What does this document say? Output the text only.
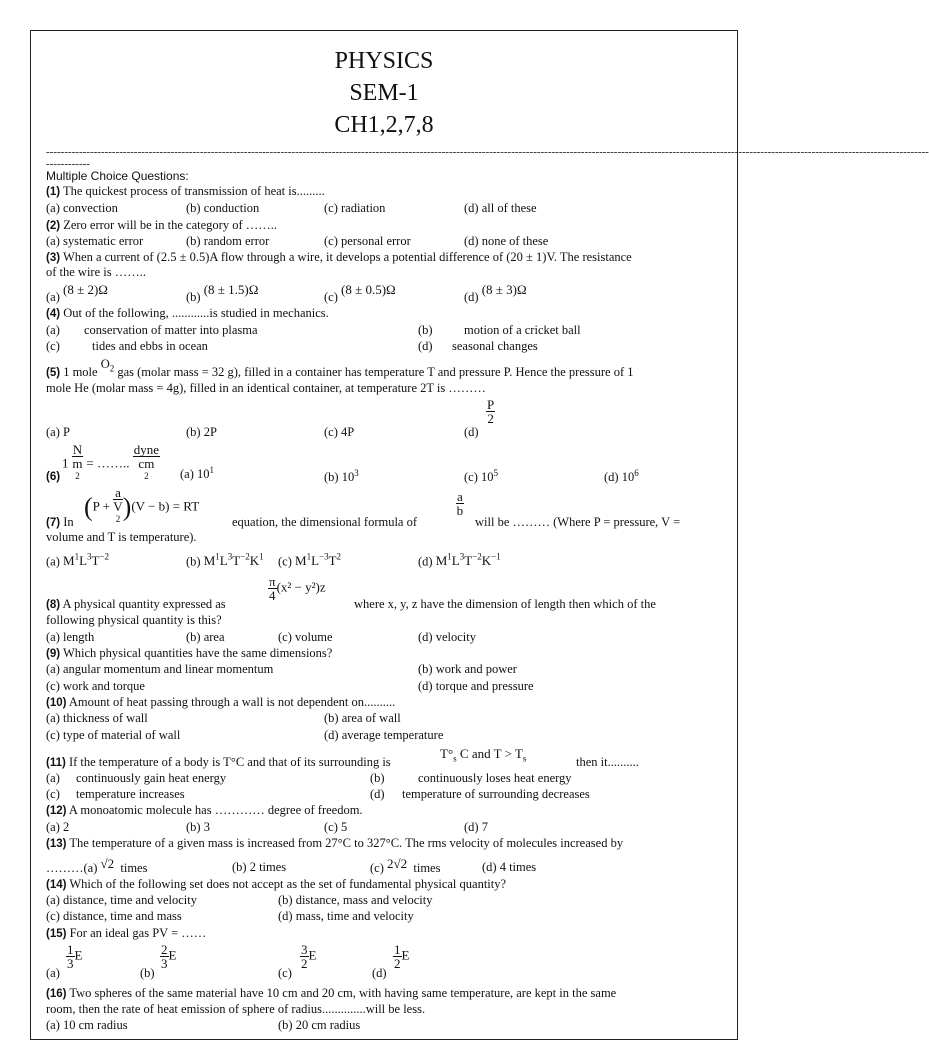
PHYSICS
SEM-1
CH1,2,7,8
-------------------------------------------------------------------------------------------------------------------------------------------------------------------------------------------------------------------------------------------------
------------
Multiple Choice Questions:
(1) The quickest process of transmission of heat is.........
(a) convection	(b) conduction	(c) radiation	(d) all of these
(2) Zero error will be in the category of ……..
(a) systematic error	(b) random error	(c) personal error	(d) none of these
(3) When a current of (2.5 ± 0.5)A flow through a wire, it develops a potential difference of (20 ± 1)V. The resistance
of the wire is ……..
(a) (8 ± 2)Ω	(b) (8 ± 1.5)Ω	(c) (8 ± 0.5)Ω	(d) (8 ± 3)Ω
(4) Out of the following, ............is studied in mechanics.
(a) conservation of matter into plasma	(b)	motion of a cricket ball
(c)	tides and ebbs in ocean	(d) seasonal changes
(5) 1 mole $O_2$ gas (molar mass = 32 g), filled in a container has temperature T and pressure P. Hence the pressure of 1
mole He (molar mass = 4g), filled in an identical container, at temperature 2T is ………
(a) P	(b) 2P	(c) 4P	(d)
$\frac{P}{2}$
1 N
m
$^2$ = …….. dyne
cm
$^2$
(6)	(a) $10^1$
(b) $10^3$	(c) $10^5$	(d) $10^6$
(P + a
V
$^2$ )(V − b) = RT	$\frac{a}{b}$
(7) In	equation, the dimensional formula of	will be ……… (Where P = pressure, V =
volume and T is temperature).
(a) $M^1L^3T^{-2}$	(b) $M^1L^3T^{-2}K^1$ (c) $M^1L^{-3}T^2$	(d) $M^1L^3T^{-2}K^{-1}$
$\frac{\pi}{4} (x^2 - y^2)z$
(8) A physical quantity expressed as	where x, y, z have the dimension of length then which of the
following physical quantity is this?
(a) length	(b) area	(c) volume	(d) velocity
(9) Which physical quantities have the same dimensions?
(a) angular momentum and linear momentum	(b) work and power
(c) work and torque	(d) torque and pressure
(10) Amount of heat passing through a wall is not dependent on..........
(a) thickness of wall	(b) area of wall
(c) type of material of wall	(d) average temperature
(11) If the temperature of a body is T°C and that of its surrounding is
$T^\circ_s$ C and $T > T_s$	then it..........
(a) continuously gain heat energy	(b)	continuously loses heat energy
(c) temperature increases	(d) temperature of surrounding decreases
(12) A monoatomic molecule has ………… degree of freedom.
(a) 2	(b) 3	(c) 5	(d) 7
(13) The temperature of a given mass is increased from 27°C to 327°C. The rms velocity of molecules increased by
………(a) √2 times	(b) 2 times	(c) 2√2 times	(d) 4 times
(14) Which of the following set does not accept as the set of fundamental physical quantity?
(a) distance, time and velocity	(b) distance, mass and velocity
(c) distance, time and mass	(d) mass, time and velocity
(15) For an ideal gas PV = ……
(a)
$\frac{1}{3}$ E
(b)
$\frac{2}{3}$ E
(c)
$\frac{3}{2}$ E
(d)
$\frac{1}{2}$ E
(16) Two spheres of the same material have 10 cm and 20 cm, with having same temperature, are kept in the same
room, then the rate of heat emission of sphere of radius..............will be less.
(a) 10 cm radius	(b) 20 cm radius
